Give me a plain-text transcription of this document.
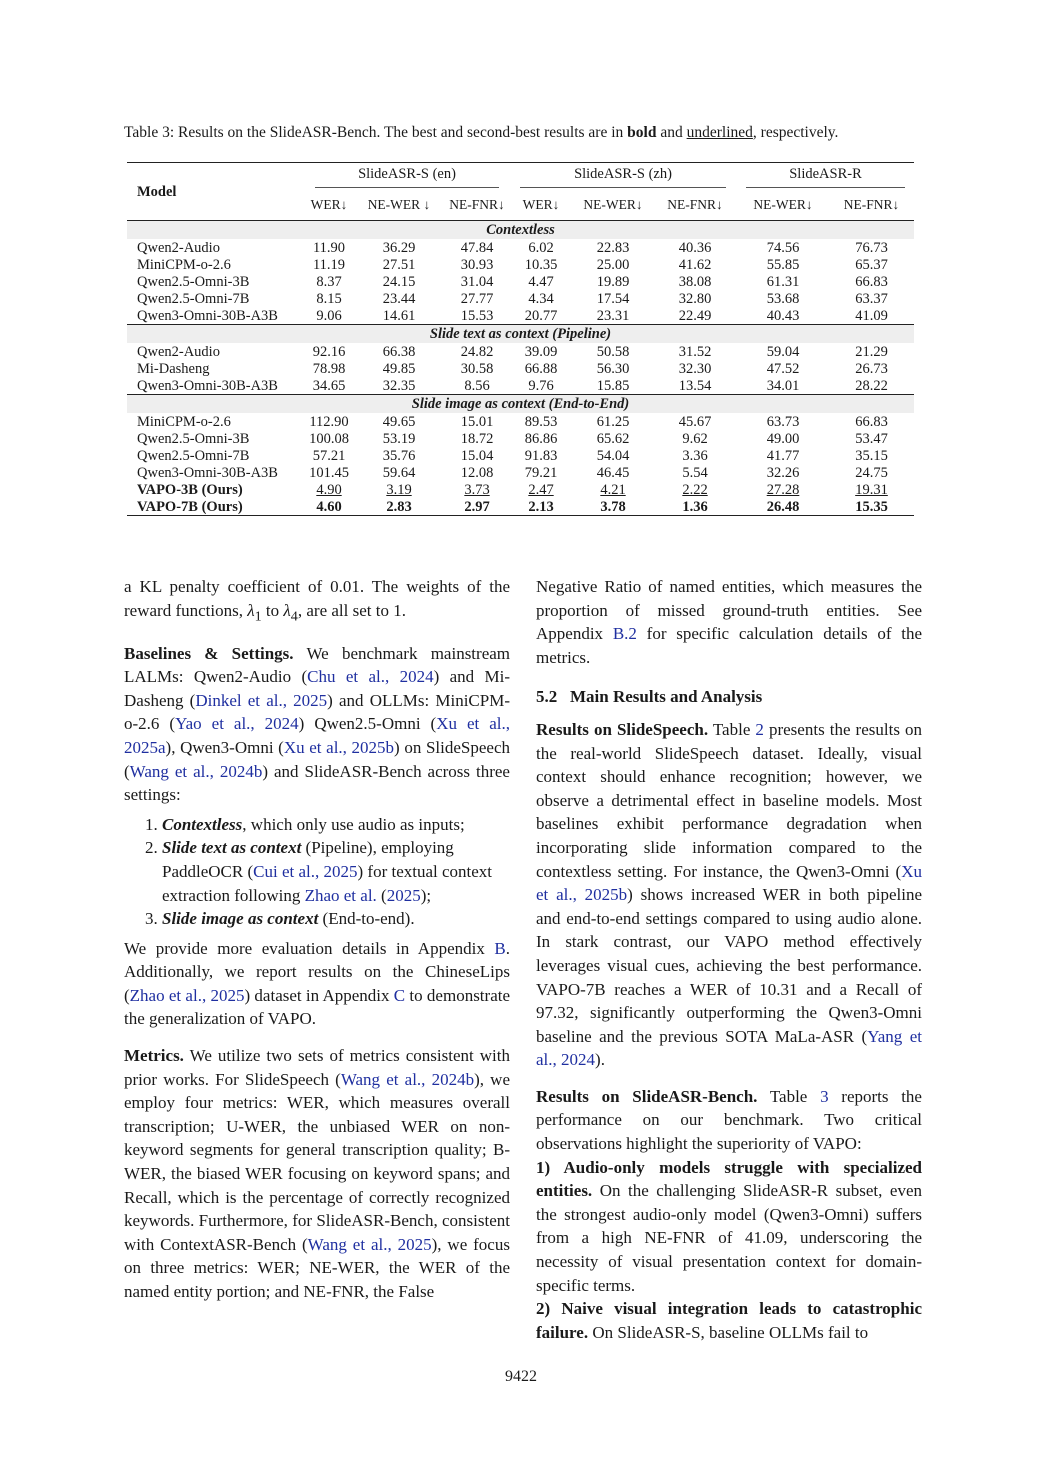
Table 3: Results on the SlideASR-Bench. The best and second-best results are in bold and underlined, respectively.
Model	SlideASR-S (en)			SlideASR-S (zh)			SlideASR-R	
	WER↓	NE-WER ↓	NE-FNR↓	WER↓	NE-WER↓	NE-FNR↓	NE-WER↓	NE-FNR↓
Contextless								
Qwen2-Audio	11.90	36.29	47.84	6.02	22.83	40.36	74.56	76.73
MiniCPM-o-2.6	11.19	27.51	30.93	10.35	25.00	41.62	55.85	65.37
Qwen2.5-Omni-3B	8.37	24.15	31.04	4.47	19.89	38.08	61.31	66.83
Qwen2.5-Omni-7B	8.15	23.44	27.77	4.34	17.54	32.80	53.68	63.37
Qwen3-Omni-30B-A3B	9.06	14.61	15.53	20.77	23.31	22.49	40.43	41.09
Slide text as context (Pipeline)								
Qwen2-Audio	92.16	66.38	24.82	39.09	50.58	31.52	59.04	21.29
Mi-Dasheng	78.98	49.85	30.58	66.88	56.30	32.30	47.52	26.73
Qwen3-Omni-30B-A3B	34.65	32.35	8.56	9.76	15.85	13.54	34.01	28.22
Slide image as context (End-to-End)								
MiniCPM-o-2.6	112.90	49.65	15.01	89.53	61.25	45.67	63.73	66.83
Qwen2.5-Omni-3B	100.08	53.19	18.72	86.86	65.62	9.62	49.00	53.47
Qwen2.5-Omni-7B	57.21	35.76	15.04	91.83	54.04	3.36	41.77	35.15
Qwen3-Omni-30B-A3B	101.45	59.64	12.08	79.21	46.45	5.54	32.26	24.75
VAPO-3B (Ours)	4.90	3.19	3.73	2.47	4.21	2.22	27.28	19.31
VAPO-7B (Ours)	4.60	2.83	2.97	2.13	3.78	1.36	26.48	15.35

a KL penalty coefficient of 0.01. The weights of the reward functions, $\lambda_1$ to $\lambda_4$, are all set to 1.

Baselines & Settings. We benchmark mainstream LALMs: Qwen2-Audio (Chu et al., 2024) and Mi-Dasheng (Dinkel et al., 2025) and OLLMs: MiniCPM-o-2.6 (Yao et al., 2024) Qwen2.5-Omni (Xu et al., 2025a), Qwen3-Omni (Xu et al., 2025b) on SlideSpeech (Wang et al., 2024b) and SlideASR-Bench across three settings:

1. Contextless, which only use audio as inputs;
2. Slide text as context (Pipeline), employing PaddleOCR (Cui et al., 2025) for textual context extraction following Zhao et al. (2025);
3. Slide image as context (End-to-end).

We provide more evaluation details in Appendix B. Additionally, we report results on the ChineseLips (Zhao et al., 2025) dataset in Appendix C to demonstrate the generalization of VAPO.

Metrics. We utilize two sets of metrics consistent with prior works. For SlideSpeech (Wang et al., 2024b), we employ four metrics: WER, which measures overall transcription; U-WER, the unbiased WER on non-keyword segments for general transcription quality; B-WER, the biased WER focusing on keyword spans; and Recall, which is the percentage of correctly recognized keywords. Furthermore, for SlideASR-Bench, consistent with ContextASR-Bench (Wang et al., 2025), we focus on three metrics: WER; NE-WER, the WER of the named entity portion; and NE-FNR, the False

Negative Ratio of named entities, which measures the proportion of missed ground-truth entities. See Appendix B.2 for specific calculation details of the metrics.

5.2   Main Results and Analysis

Results on SlideSpeech. Table 2 presents the results on the real-world SlideSpeech dataset. Ideally, visual context should enhance recognition; however, we observe a detrimental effect in baseline models. Most baselines exhibit performance degradation when incorporating slide information compared to the contextless setting. For instance, the Qwen3-Omni (Xu et al., 2025b) shows increased WER in both pipeline and end-to-end settings compared to using audio alone. In stark contrast, our VAPO method effectively leverages visual cues, achieving the best performance. VAPO-7B reaches a WER of 10.31 and a Recall of 97.32, significantly outperforming the Qwen3-Omni baseline and the previous SOTA MaLa-ASR (Yang et al., 2024).

Results on SlideASR-Bench. Table 3 reports the performance on our benchmark. Two critical observations highlight the superiority of VAPO:

1) Audio-only models struggle with specialized entities. On the challenging SlideASR-R subset, even the strongest audio-only model (Qwen3-Omni) suffers from a high NE-FNR of 41.09, underscoring the necessity of visual presentation context for domain-specific terms.

2) Naive visual integration leads to catastrophic failure. On SlideASR-S, baseline OLLMs fail to

9422
